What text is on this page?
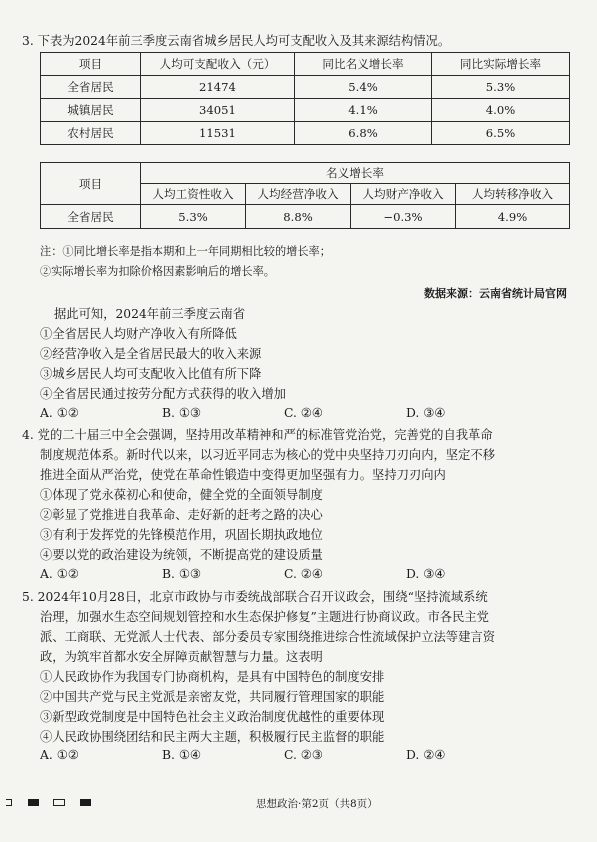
3. 下表为2024年前三季度云南省城乡居民人均可支配收入及其来源结构情况。
项目	人均可支配收入（元）	同比名义增长率	同比实际增长率
全省居民	21474	5.4%	5.3%
城镇居民	34051	4.1%	4.0%
农村居民	11531	6.8%	6.5%
项目	名义增长率			
	人均工资性收入	人均经营净收入	人均财产净收入	人均转移净收入
全省居民	5.3%	8.8%	−0.3%	4.9%
注：①同比增长率是指本期和上一年同期相比较的增长率；
②实际增长率为扣除价格因素影响后的增长率。
数据来源：云南省统计局官网
据此可知，2024年前三季度云南省
①全省居民人均财产净收入有所降低
②经营净收入是全省居民最大的收入来源
③城乡居民人均可支配收入比值有所下降
④全省居民通过按劳分配方式获得的收入增加
A. ①②	B. ①③	C. ②④	D. ③④
4. 党的二十届三中全会强调，坚持用改革精神和严的标准管党治党，完善党的自我革命
制度规范体系。新时代以来，以习近平同志为核心的党中央坚持刀刃向内，坚定不移
推进全面从严治党，使党在革命性锻造中变得更加坚强有力。坚持刀刃向内
①体现了党永葆初心和使命，健全党的全面领导制度
②彰显了党推进自我革命、走好新的赶考之路的决心
③有利于发挥党的先锋模范作用，巩固长期执政地位
④要以党的政治建设为统领，不断提高党的建设质量
A. ①②	B. ①③	C. ②④	D. ③④
5. 2024年10月28日，北京市政协与市委统战部联合召开议政会，围绕“坚持流域系统
治理，加强水生态空间规划管控和水生态保护修复”主题进行协商议政。市各民主党
派、工商联、无党派人士代表、部分委员专家围绕推进综合性流域保护立法等建言资
政，为筑牢首都水安全屏障贡献智慧与力量。这表明
①人民政协作为我国专门协商机构，是具有中国特色的制度安排
②中国共产党与民主党派是亲密友党，共同履行管理国家的职能
③新型政党制度是中国特色社会主义政治制度优越性的重要体现
④人民政协围绕团结和民主两大主题，积极履行民主监督的职能
A. ①②	B. ①④	C. ②③	D. ②④
思想政治·第2页（共8页）
